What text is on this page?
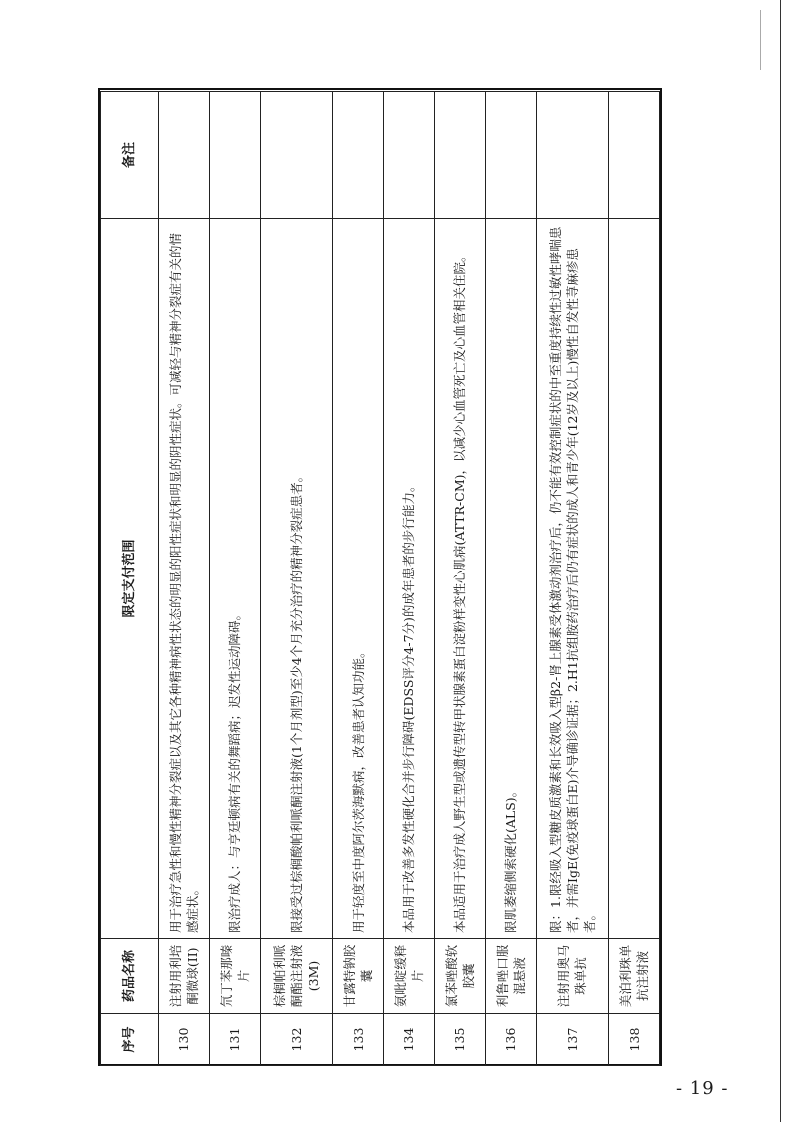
序号	药品名称	限定支付范围	备注
130	注射用利培酮微球(II)	用于治疗急性和慢性精神分裂症以及其它各种精神病性状态的明显的阳性症状和明显的阴性症状。可减轻与精神分裂症有关的情感症状。	
131	氘丁苯那嗪片	限治疗成人：与亨廷顿病有关的舞蹈病；迟发性运动障碍。	
132	棕榈帕利哌酮酯注射液(3M)	限接受过棕榈酸帕利哌酮注射液(1个月剂型)至少4个月充分治疗的精神分裂症患者。	
133	甘露特钠胶囊	用于轻度至中度阿尔茨海默病，改善患者认知功能。	
134	氨吡啶缓释片	本品用于改善多发性硬化合并步行障碍(EDSS评分4-7分)的成年患者的步行能力。	
135	氯苯唑酸软胶囊	本品适用于治疗成人野生型或遗传型转甲状腺素蛋白淀粉样变性心肌病(ATTR-CM)，以减少心血管死亡及心血管相关住院。	
136	利鲁唑口服混悬液	限肌萎缩侧索硬化(ALS)。	
137	注射用奥马珠单抗	限：1.限经吸入型糖皮质激素和长效吸入型β2-肾上腺素受体激动剂治疗后，仍不能有效控制症状的中至重度持续性过敏性哮喘患者，并需IgE(免疫球蛋白E)介导确诊证据；2.H1抗组胺药治疗后仍有症状的成人和青少年(12岁及以上)慢性自发性荨麻疹患者。	
138	美泊利珠单抗注射液		
- 19 -
